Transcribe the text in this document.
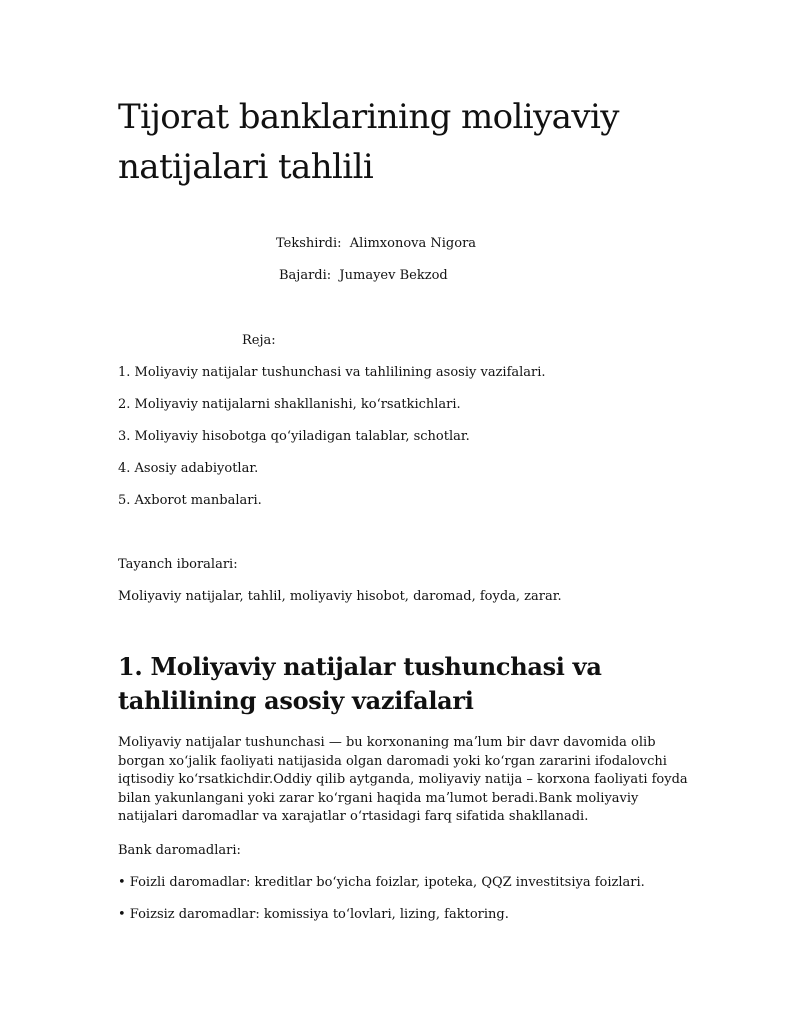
Tijorat banklarining moliyaviy natijalari tahlili
Tekshirdi:  Alimxonova Nigora
Bajardi:  Jumayev Bekzod
Reja:
1. Moliyaviy natijalar tushunchasi va tahlilining asosiy vazifalari.
2. Moliyaviy natijalarni shakllanishi, koʻrsatkichlari.
3. Moliyaviy hisobotga qoʻyiladigan talablar, schotlar.
4. Asosiy adabiyotlar.
5. Axborot manbalari.

Tayanch iboralari:

Moliyaviy natijalar, tahlil, moliyaviy hisobot, daromad, foyda, zarar.

1. Moliyaviy natijalar tushunchasi va tahlilining asosiy vazifalari

Moliyaviy natijalar tushunchasi — bu korxonaning maʼlum bir davr davomida olib borgan xoʻjalik faoliyati natijasida olgan daromadi yoki koʻrgan zararini ifodalovchi iqtisodiy koʻrsatkichdir.Oddiy qilib aytganda, moliyaviy natija – korxona faoliyati foyda bilan yakunlangani yoki zarar koʻrgani haqida maʼlumot beradi.Bank moliyaviy natijalari daromadlar va xarajatlar oʻrtasidagi farq sifatida shakllanadi.

Bank daromadlari:

• Foizli daromadlar: kreditlar boʻyicha foizlar, ipoteka, QQZ investitsiya foizlari.
• Foizsiz daromadlar: komissiya toʻlovlari, lizing, faktoring.
